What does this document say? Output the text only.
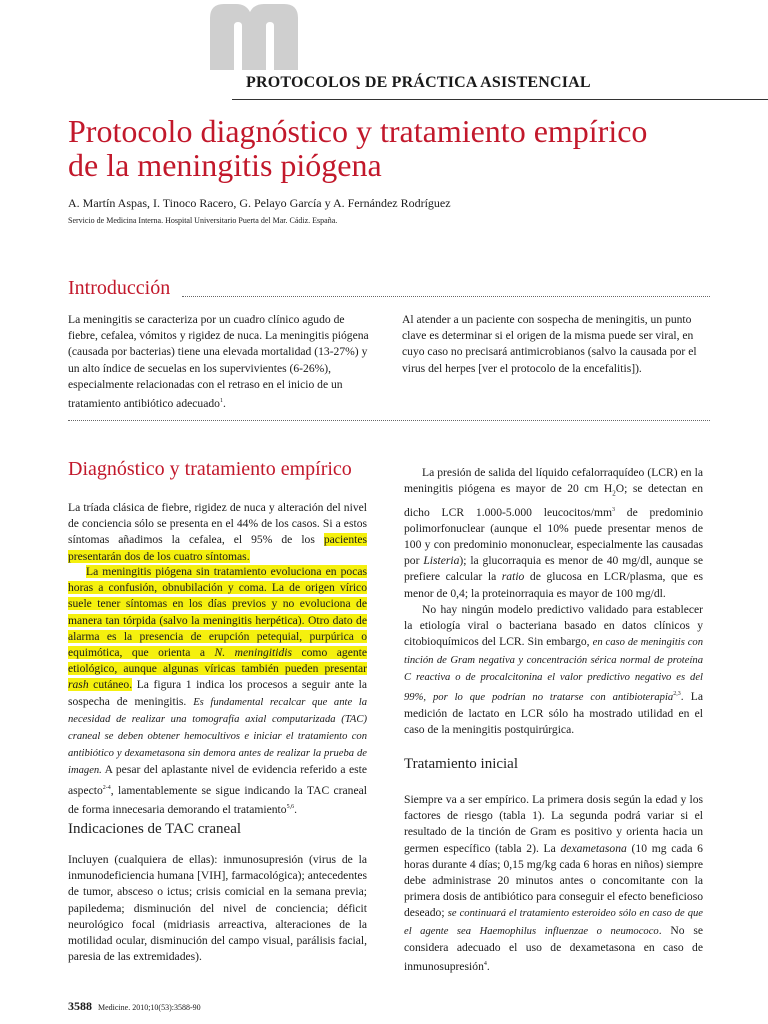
PROTOCOLOS DE PRÁCTICA ASISTENCIAL
Protocolo diagnóstico y tratamiento empírico
de la meningitis piógena
A. Martín Aspas, I. Tinoco Racero, G. Pelayo García y A. Fernández Rodríguez
Servicio de Medicina Interna. Hospital Universitario Puerta del Mar. Cádiz. España.
Introducción

La meningitis se caracteriza por un cuadro clínico agudo de fiebre, cefalea, vómitos y rigidez de nuca. La meningitis piógena (causada por bacterias) tiene una elevada mortalidad (13-27%) y un alto índice de secuelas en los supervivientes (6-26%), especialmente relacionadas con el retraso en el inicio de un tratamiento antibiótico adecuado$^1$.

Al atender a un paciente con sospecha de meningitis, un punto clave es determinar si el origen de la misma puede ser viral, en cuyo caso no precisará antimicrobianos (salvo la causada por el virus del herpes [ver el protocolo de la encefalitis]).

Diagnóstico y tratamiento empírico

La tríada clásica de fiebre, rigidez de nuca y alteración del nivel de conciencia sólo se presenta en el 44% de los casos. Si a estos síntomas añadimos la cefalea, el 95% de los pacientes presentarán dos de los cuatro síntomas.

La meningitis piógena sin tratamiento evoluciona en pocas horas a confusión, obnubilación y coma. La de origen vírico suele tener síntomas en los días previos y no evoluciona de manera tan tórpida (salvo la meningitis herpética). Otro dato de alarma es la presencia de erupción petequial, purpúrica o equimótica, que orienta a N. meningitidis como agente etiológico, aunque algunas víricas también pueden presentar rash cutáneo. La figura 1 indica los procesos a seguir ante la sospecha de meningitis. Es fundamental recalcar que ante la necesidad de realizar una tomografía axial computarizada (TAC) craneal se deben obtener hemocultivos e iniciar el tratamiento con antibiótico y dexametasona sin demora antes de realizar la prueba de imagen. A pesar del aplastante nivel de evidencia referido a este aspecto$^{2-4}$, lamentablemente se sigue indicando la TAC craneal de forma innecesaria demorando el tratamiento$^{5,6}$.

Indicaciones de TAC craneal

Incluyen (cualquiera de ellas): inmunosupresión (virus de la inmunodeficiencia humana [VIH], farmacológica); antecedentes de tumor, absceso o ictus; crisis comicial en la semana previa; papiledema; disminución del nivel de conciencia; déficit neurológico focal (midriasis arreactiva, alteraciones de la motilidad ocular, disminución del campo visual, parálisis facial, paresia de las extremidades).

La presión de salida del líquido cefalorraquídeo (LCR) en la meningitis piógena es mayor de 20 cm $H_2O$; se detectan en dicho LCR 1.000-5.000 leucocitos/$mm^3$ de predominio polimorfonuclear (aunque el 10% puede presentar menos de 100 y con predominio mononuclear, especialmente las causadas por Listeria); la glucorraquia es menor de 40 mg/dl, aunque se prefiere calcular la ratio de glucosa en LCR/plasma, que es menor de 0,4; la proteinorraquia es mayor de 100 mg/dl.

No hay ningún modelo predictivo validado para establecer la etiología viral o bacteriana basado en datos clínicos y citobioquímicos del LCR. Sin embargo, en caso de meningitis con tinción de Gram negativa y concentración sérica normal de proteína C reactiva o de procalcitonina el valor predictivo negativo es del 99%, por lo que podrían no tratarse con antibioterapia$^{2,3}$. La medición de lactato en LCR sólo ha mostrado utilidad en el caso de la meningitis postquirúrgica.

Tratamiento inicial

Siempre va a ser empírico. La primera dosis según la edad y los factores de riesgo (tabla 1). La segunda podrá variar si el resultado de la tinción de Gram es positivo y orienta hacia un germen específico (tabla 2). La dexametasona (10 mg cada 6 horas durante 4 días; 0,15 mg/kg cada 6 horas en niños) siempre debe administrase 20 minutos antes o concomitante con la primera dosis de antibiótico para conseguir el efecto beneficioso deseado; se continuará el tratamiento esteroideo sólo en caso de que el agente sea Haemophilus influenzae o neumococo. No se considera adecuado el uso de dexametasona en caso de inmunosupresión$^4$.

3588 Medicine. 2010;10(53):3588-90
